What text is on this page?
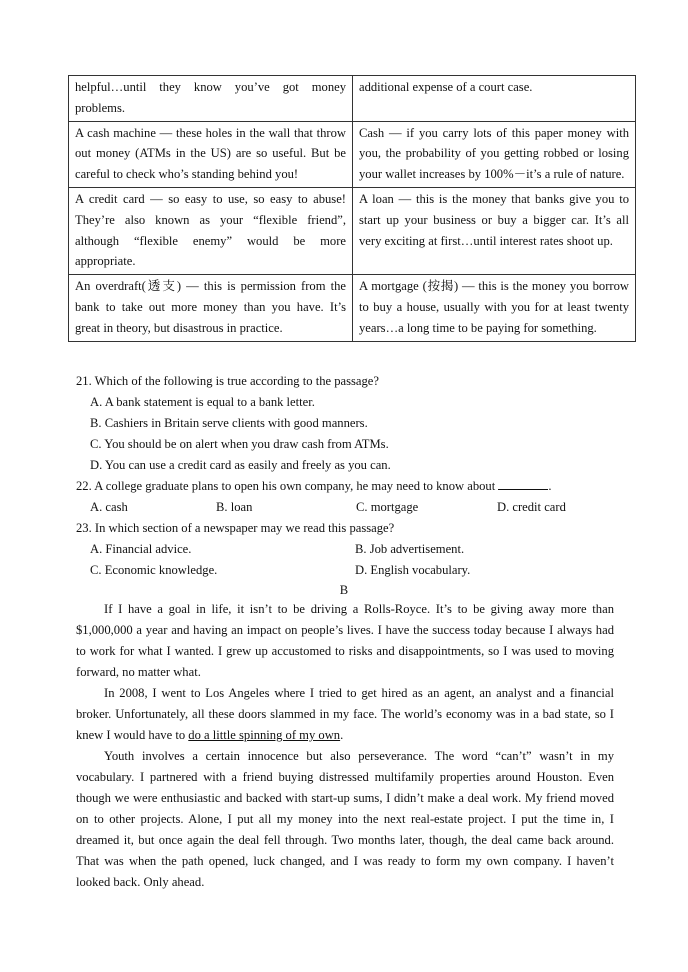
helpful…until they know you’ve got money problems.	additional expense of a court case.
A cash machine — these holes in the wall that throw out money (ATMs in the US) are so useful. But be careful to check who’s standing behind you!	Cash — if you carry lots of this paper money with you, the probability of you getting robbed or losing your wallet increases by 100%－it’s a rule of nature.
A credit card — so easy to use, so easy to abuse! They’re also known as your “flexible friend”, although “flexible enemy” would be more appropriate.	A loan — this is the money that banks give you to start up your business or buy a bigger car. It’s all very exciting at first…until interest rates shoot up.
An overdraft(透支) — this is permission from the bank to take out more money than you have. It’s great in theory, but disastrous in practice.	A mortgage (按揭) — this is the money you borrow to buy a house, usually with you for at least twenty years…a long time to be paying for something.
21. Which of the following is true according to the passage?
A. A bank statement is equal to a bank letter.
B. Cashiers in Britain serve clients with good manners.
C. You should be on alert when you draw cash from ATMs.
D. You can use a credit card as easily and freely as you can.
22. A college graduate plans to open his own company, he may need to know about	.
A. cash	B. loan	C. mortgage	D. credit card
23. In which section of a newspaper may we read this passage?
A. Financial advice.	B. Job advertisement.
C. Economic knowledge.	D. English vocabulary.
B

If I have a goal in life, it isn’t to be driving a Rolls-Royce. It’s to be giving away more than $1,000,000 a year and having an impact on people’s lives. I have the success today because I always had to work for what I wanted. I grew up accustomed to risks and disappointments, so I was used to moving forward, no matter what.

In 2008, I went to Los Angeles where I tried to get hired as an agent, an analyst and a financial broker. Unfortunately, all these doors slammed in my face. The world’s economy was in a bad state, so I knew I would have to do a little spinning of my own.

Youth involves a certain innocence but also perseverance. The word “can’t” wasn’t in my vocabulary. I partnered with a friend buying distressed multifamily properties around Houston. Even though we were enthusiastic and backed with start-up sums, I didn’t make a deal work. My friend moved on to other projects. Alone, I put all my money into the next real-estate project. I put the time in, I dreamed it, but once again the deal fell through. Two months later, though, the deal came back around. That was when the path opened, luck changed, and I was ready to form my own company. I haven’t looked back. Only ahead.
